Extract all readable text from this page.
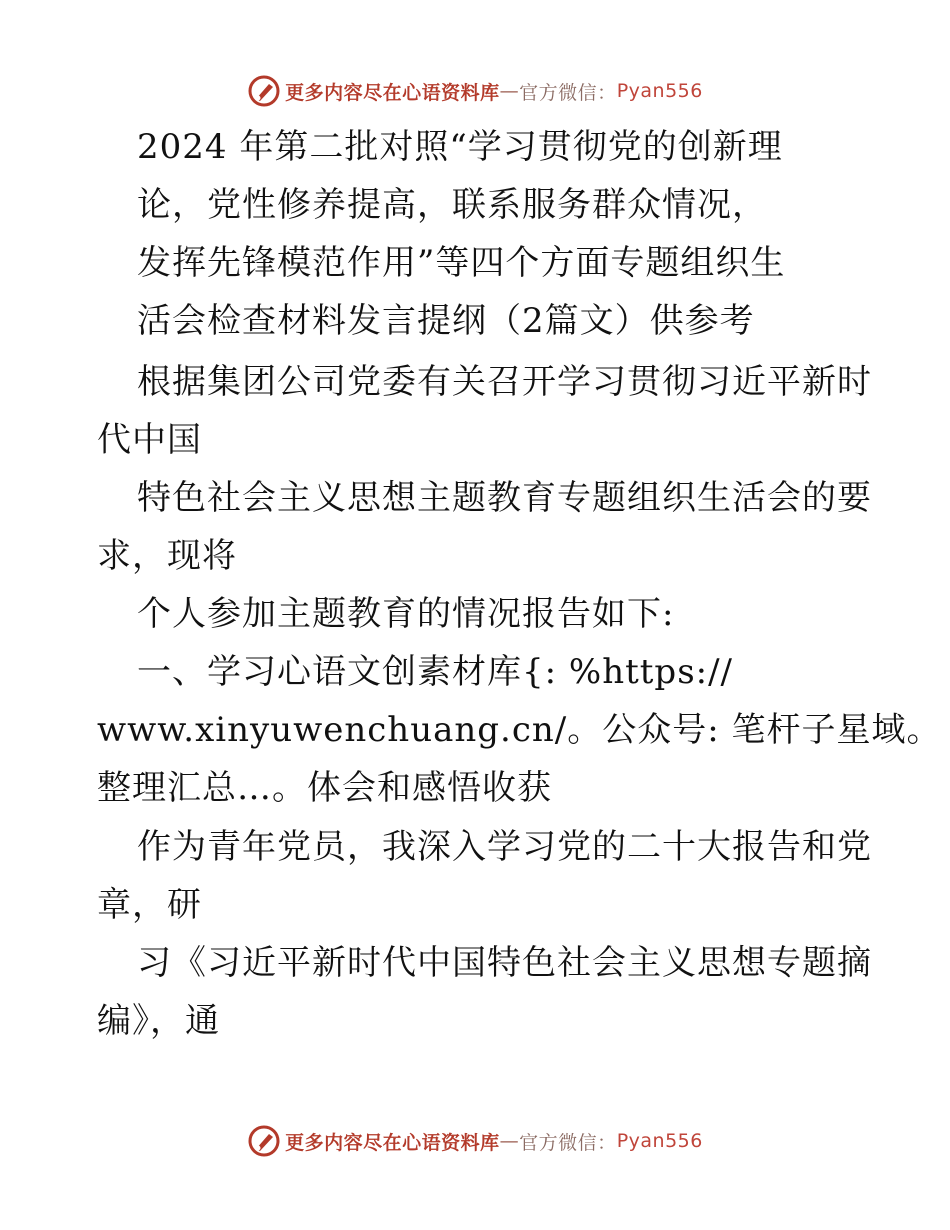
更多内容尽在心语资料库 — 官方微信： Pyan556
2024 年第二批对照“学习贯彻党的创新理
论，党性修养提高，联系服务群众情况，
发挥先锋模范作用”等四个方面专题组织生
活会检查材料发言提纲（2篇文）供参考
根据集团公司党委有关召开学习贯彻习近平新时
代中国
特色社会主义思想主题教育专题组织生活会的要
求，现将
个人参加主题教育的情况报告如下:
一、学习心语文创素材库{: %https://
www.xinyuwenchuang.cn/。公众号: 笔杆子星域。
整理汇总…。体会和感悟收获
作为青年党员，我深入学习党的二十大报告和党
章，研
习《习近平新时代中国特色社会主义思想专题摘
编》，通
更多内容尽在心语资料库 — 官方微信： Pyan556
